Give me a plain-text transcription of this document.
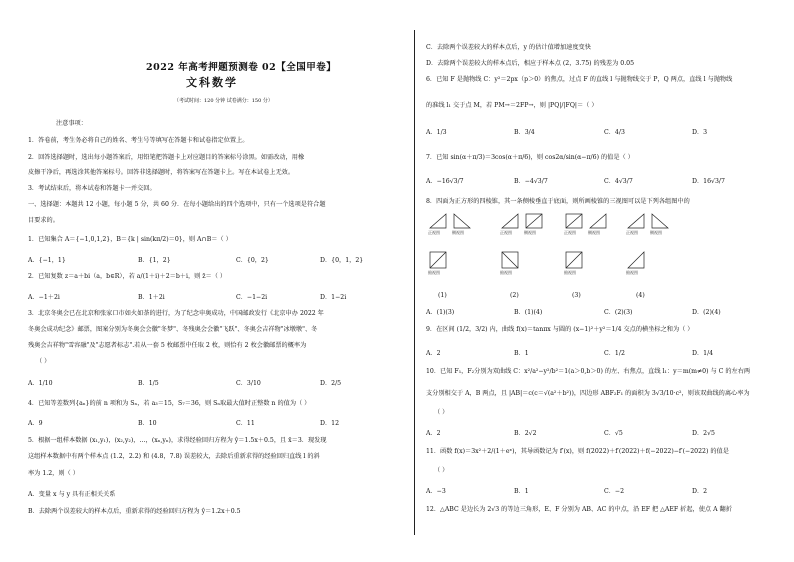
2022 年高考押题预测卷 02【全国甲卷】
文科数学
（考试时间：120 分钟 试卷满分：150 分）
注意事项：
1．答卷前，考生务必将自己的姓名、考生号等填写在答题卡和试卷指定位置上。
2．回答选择题时，选出每小题答案后，用铅笔把答题卡上对应题目的答案标号涂黑。如需改动，用橡
皮擦干净后，再选涂其他答案标号。回答非选择题时，将答案写在答题卡上。写在本试卷上无效。
3．考试结束后，将本试卷和答题卡一并交回。
一、选择题：本题共 12 小题，每小题 5 分，共 60 分．在每小题给出的四个选项中，只有一个选项是符合题
目要求的。
1．已知集合 A＝{−1,0,1,2}，B＝{k | sin(kπ/2)＝0}，则 A∩B＝（ ）
A．{−1，1}	B．{1，2}	C．{0，2}	D．{0，1，2}
2．已知复数 z＝a＋bi（a，b∈R），若 a/(1＋i)＋2＝b＋i，则 z̄＝（ ）
A．−1＋2i	B．1＋2i	C．−1−2i	D．1−2i
3．北京冬奥会已在北京和张家口市如火如荼的进行，为了纪念申奥成功，中国邮政发行《北京申办 2022 年
冬奥会成功纪念》邮票，图案分别为冬奥会会徽"冬梦"、冬残奥会会徽"飞跃"、冬奥会吉祥物"冰墩墩"、冬
残奥会吉祥物"雪容融"及"志愿者标志".若从一套 5 枚邮票中任取 2 枚，则恰有 2 枚会徽邮票的概率为
（ ）
A．1/10	B．1/5	C．3/10	D．2/5
4．已知等差数列{aₙ}的前 n 项和为 Sₙ，若 a₃＝15，S₇＝36，则 Sₙ取最大值时正整数 n 的值为（ ）
A．9	B．10	C．11	D．12
5．根据一组样本数据 (x₁,y₁)，(x₂,y₂)，…，(xₙ,yₙ)，求得经验回归方程为 ŷ＝1.5x＋0.5，且 x̄＝3．现发现
这组样本数据中有两个样本点 (1.2，2.2) 和 (4.8，7.8) 误差较大，去除后重新求得的经验回归直线 l 的斜
率为 1.2，则（ ）
A．变量 x 与 y 具有正相关关系
B．去除两个误差较大的样本点后，重新求得的经验回归方程为 ŷ＝1.2x＋0.5
C．去除两个误差较大的样本点后，y 的估计值增加速度变快
D．去除两个误差较大的样本点后，相应于样本点 (2，3.75) 的残差为 0.05
6．已知 F 是抛物线 C：y²＝2px（p＞0）的焦点，过点 F 的直线 l 与抛物线交于 P，Q 两点，直线 l 与抛物线
的准线 l₁ 交于点 M，若 PM→＝2FP→，则 |PQ|/|FQ|＝（ ）
A．1/3	B．3/4	C．4/3	D．3
7．已知 sin(α＋π/3)＝3cos(α＋π/6)，则 cos2α/sin(α−π/6) 的值是（ ）
A．−16√3/7	B．−4√3/7	C．4√3/7	D．16√3/7
8．四面为正方形的四棱锥，其一条侧棱垂直于底面，则所画棱锥的三视图可以是下列各组图中的
正视图	侧视图	正视图	侧视图	正视图	侧视图	正视图	侧视图
俯视图	俯视图	俯视图	俯视图
(1)	(2)	(3)	(4)
A．(1)(3)	B．(1)(4)	C．(2)(3)	D．(2)(4)
9．在区间 (1/2，3/2) 内，曲线 f(x)＝tanπx 与圆的 (x−1)²＋y²＝1/4 交点的横坐标之和为（ ）
A．2	B．1	C．1/2	D．1/4
10．已知 F₁，F₂分别为双曲线 C：x²/a²−y²/b²＝1(a＞0,b＞0) 的左、右焦点，直线 l₁：y＝m(m≠0) 与 C 的左右两
支分别相交于 A，B 两点，且 |AB|＝c(c＝√(a²＋b²))，四边形 ABF₂F₁ 的面积为 3√3/10·c²，则该双曲线的离心率为
（ ）
A．2	B．2√2	C．√5	D．2√5
11．函数 f(x)＝3x²＋2/(1＋eˣ)，其导函数记为 f′(x)，则 f(2022)＋f′(2022)＋f(−2022)−f′(−2022) 的值是
（ ）
A．−3	B．1	C．−2	D．2
12．△ABC 是边长为 2√3 的等边三角形，E、F 分别为 AB、AC 的中点，沿 EF 把 △AEF 折起，使点 A 翻折
